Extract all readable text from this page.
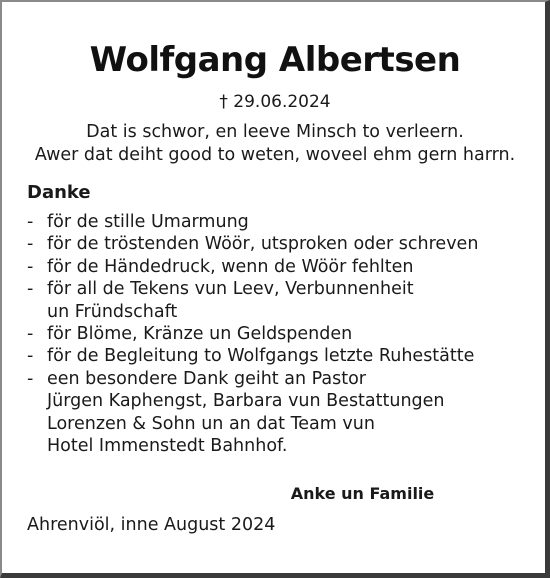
Wolfgang Albertsen
† 29.06.2024
Dat is schwor, en leeve Minsch to verleern.
Awer dat deiht good to weten, woveel ehm gern harrn.
Danke
- för de stille Umarmung
- för de tröstenden Wöör, utsproken oder schreven
- för de Händedruck, wenn de Wöör fehlten
- för all de Tekens vun Leev, Verbunnenheit
un Fründschaft
- för Blöme, Kränze un Geldspenden
- för de Begleitung to Wolfgangs letzte Ruhestätte
- een besondere Dank geiht an Pastor
Jürgen Kaphengst, Barbara vun Bestattungen
Lorenzen & Sohn un an dat Team vun
Hotel Immenstedt Bahnhof.
Anke un Familie
Ahrenviöl, inne August 2024
